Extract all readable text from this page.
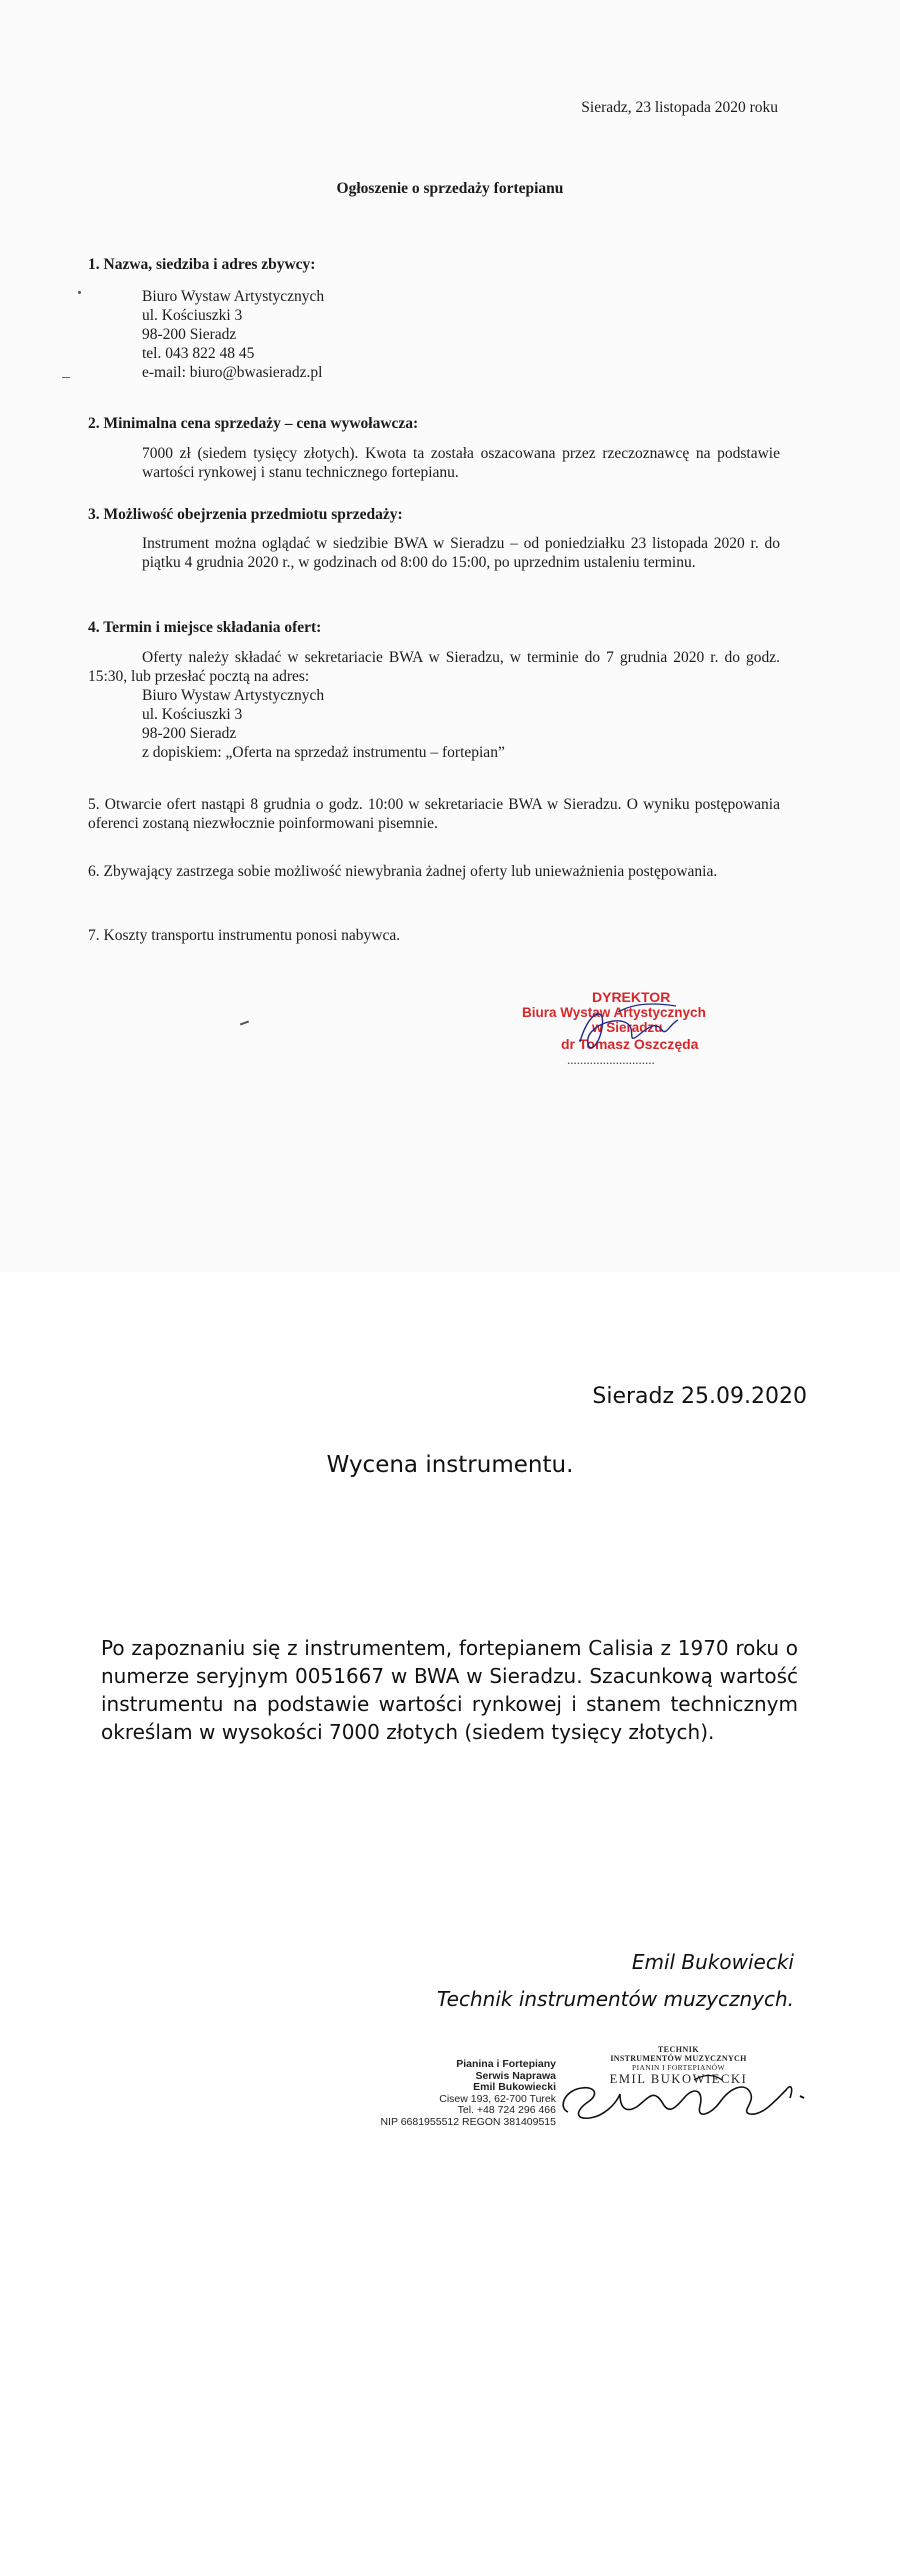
Sieradz, 23 listopada 2020 roku
Ogłoszenie o sprzedaży fortepianu
1. Nazwa, siedziba i adres zbywcy:
Biuro Wystaw Artystycznych
ul. Kościuszki 3
98-200 Sieradz
tel. 043 822 48 45
e-mail: biuro@bwasieradz.pl
2. Minimalna cena sprzedaży – cena wywoławcza:
7000 zł (siedem tysięcy złotych). Kwota ta została oszacowana przez rzeczoznawcę na podstawie wartości rynkowej i stanu technicznego fortepianu.
3. Możliwość obejrzenia przedmiotu sprzedaży:
Instrument można oglądać w siedzibie BWA w Sieradzu – od poniedziałku 23 listopada 2020 r. do piątku 4 grudnia 2020 r., w godzinach od 8:00 do 15:00, po uprzednim ustaleniu terminu.
4. Termin i miejsce składania ofert:
Oferty należy składać w sekretariacie BWA w Sieradzu, w terminie do 7 grudnia 2020 r. do godz. 15:30, lub przesłać pocztą na adres:
Biuro Wystaw Artystycznych
ul. Kościuszki 3
98-200 Sieradz
z dopiskiem: „Oferta na sprzedaż instrumentu – fortepian”
5. Otwarcie ofert nastąpi 8 grudnia o godz. 10:00 w sekretariacie BWA w Sieradzu. O wyniku postępowania oferenci zostaną niezwłocznie poinformowani pisemnie.
6. Zbywający zastrzega sobie możliwość niewybrania żadnej oferty lub unieważnienia postępowania.
7. Koszty transportu instrumentu ponosi nabywca.
DYREKTOR
Biura Wystaw Artystycznych
w Sieradzu
dr Tomasz Oszczęda
...........................
Sieradz 25.09.2020
Wycena instrumentu.
Po zapoznaniu się z instrumentem, fortepianem Calisia z 1970 roku o numerze seryjnym 0051667 w BWA w Sieradzu. Szacunkową wartość instrumentu na podstawie wartości rynkowej i stanem technicznym określam w wysokości 7000 złotych (siedem tysięcy złotych).
Emil Bukowiecki
Technik instrumentów muzycznych.
Pianina i Fortepiany
Serwis Naprawa
Emil Bukowiecki
Cisew 193, 62-700 Turek
Tel. +48 724 296 466
NIP 6681955512 REGON 381409515
TECHNIK
INSTRUMENTÓW MUZYCZNYCH
PIANIN I FORTEPIANÓW
EMIL BUKOWIECKI
